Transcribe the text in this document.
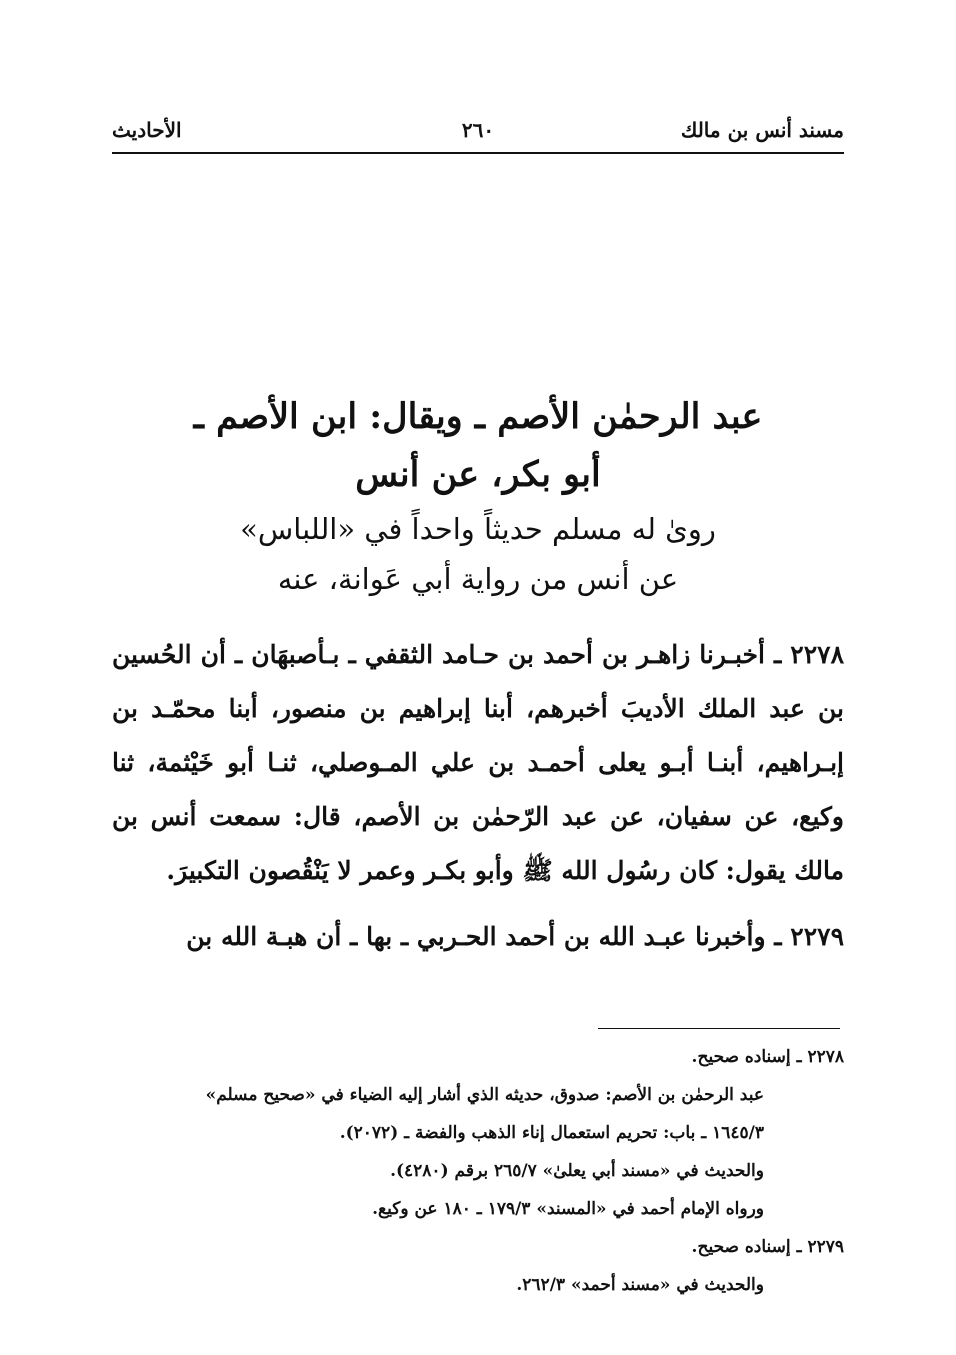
مسند أنس بن مالك
٢٦٠
الأحاديث
عبد الرحمٰن الأصم ـ ويقال: ابن الأصم ـ
أبو بكر، عن أنس
روىٰ له مسلم حديثاً واحداً في «اللباس»
عن أنس من رواية أبي عَوانة، عنه

٢٢٧٨ ـ أخبـرنا زاهـر بن أحمد بن حـامد الثقفي ـ بـأصبهَان ـ أن الحُسين بن عبد الملك الأديبَ أخبرهم، أبنا إبراهيم بن منصور، أبنا محمّـد بن إبـراهيم، أبنـا أبـو يعلى أحمـد بن علي المـوصلي، ثنـا أبو خَيْثمة، ثنا وكيع، عن سفيان، عن عبد الرّحمٰن بن الأصم، قال: سمعت أنس بن مالك يقول: كان رسُول الله ﷺ وأبو بكـر وعمر لا يَنْقُصون التكبيرَ.

٢٢٧٩ ـ وأخبرنا عبـد الله بن أحمد الحـربي ـ بها ـ أن هبـة الله بن

٢٢٧٨ ـ إسناده صحيح.

عبد الرحمٰن بن الأصم: صدوق، حديثه الذي أشار إليه الضياء في «صحيح مسلم»

١٦٤٥/٣ ـ باب: تحريم استعمال إناء الذهب والفضة ـ (٢٠٧٢).

والحديث في «مسند أبي يعلىٰ» ٢٦٥/٧ برقم (٤٢٨٠).

ورواه الإمام أحمد في «المسند» ١٧٩/٣ ـ ١٨٠ عن وكيع.

٢٢٧٩ ـ إسناده صحيح.

والحديث في «مسند أحمد» ٢٦٢/٣.
